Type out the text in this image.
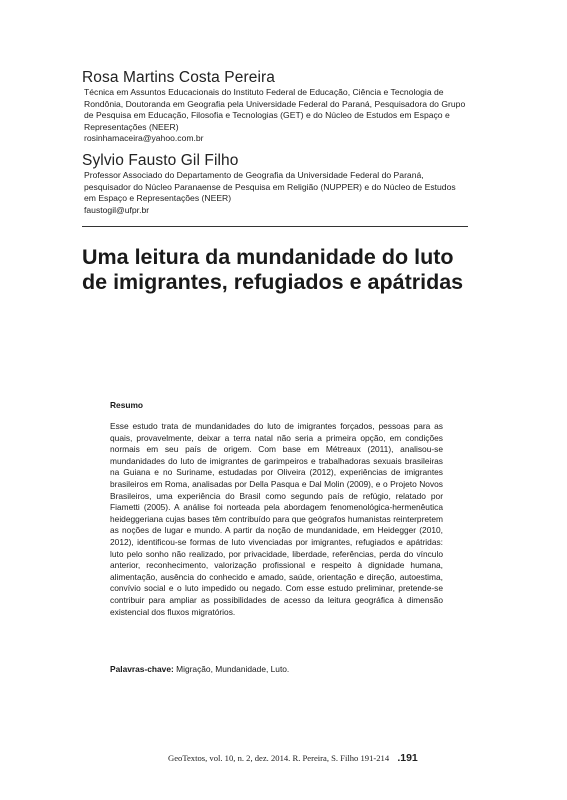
Rosa Martins Costa Pereira
Técnica em Assuntos Educacionais do Instituto Federal de Educação, Ciência e Tecnologia de Rondônia, Doutoranda em Geografia pela Universidade Federal do Paraná, Pesquisadora do Grupo de Pesquisa em Educação, Filosofia e Tecnologias (GET) e do Núcleo de Estudos em Espaço e Representações (NEER)
rosinhamaceira@yahoo.com.br
Sylvio Fausto Gil Filho
Professor Associado do Departamento de Geografia da Universidade Federal do Paraná, pesquisador do Núcleo Paranaense de Pesquisa em Religião (NUPPER) e do Núcleo de Estudos em Espaço e Representações (NEER)
faustogil@ufpr.br
Uma leitura da mundanidade do luto de imigrantes, refugiados e apátridas
Resumo

Esse estudo trata de mundanidades do luto de imigrantes forçados, pessoas para as quais, provavelmente, deixar a terra natal não seria a primeira opção, em condições normais em seu país de origem. Com base em Métreaux (2011), analisou-se mundanidades do luto de imigrantes de garimpeiros e trabalhadoras sexuais brasileiras na Guiana e no Suriname, estudadas por Oliveira (2012), experiências de imigrantes brasileiros em Roma, analisadas por Della Pasqua e Dal Molin (2009), e o Projeto Novos Brasileiros, uma experiência do Brasil como segundo país de refúgio, relatado por Fiametti (2005). A análise foi norteada pela abordagem fenomenológica-hermenêutica heideggeriana cujas bases têm contribuído para que geógrafos humanistas reinterpretem as noções de lugar e mundo. A partir da noção de mundanidade, em Heidegger (2010, 2012), identificou-se formas de luto vivenciadas por imigrantes, refugiados e apátridas: luto pelo sonho não realizado, por privacidade, liberdade, referências, perda do vínculo anterior, reconhecimento, valorização profissional e respeito à dignidade humana, alimentação, ausência do conhecido e amado, saúde, orientação e direção, autoestima, convívio social e o luto impedido ou negado. Com esse estudo preliminar, pretende-se contribuir para ampliar as possibilidades de acesso da leitura geográfica à dimensão existencial dos fluxos migratórios.

Palavras-chave: Migração, Mundanidade, Luto.
GeoTextos, vol. 10, n. 2, dez. 2014. R. Pereira, S. Filho 191-214 .191
